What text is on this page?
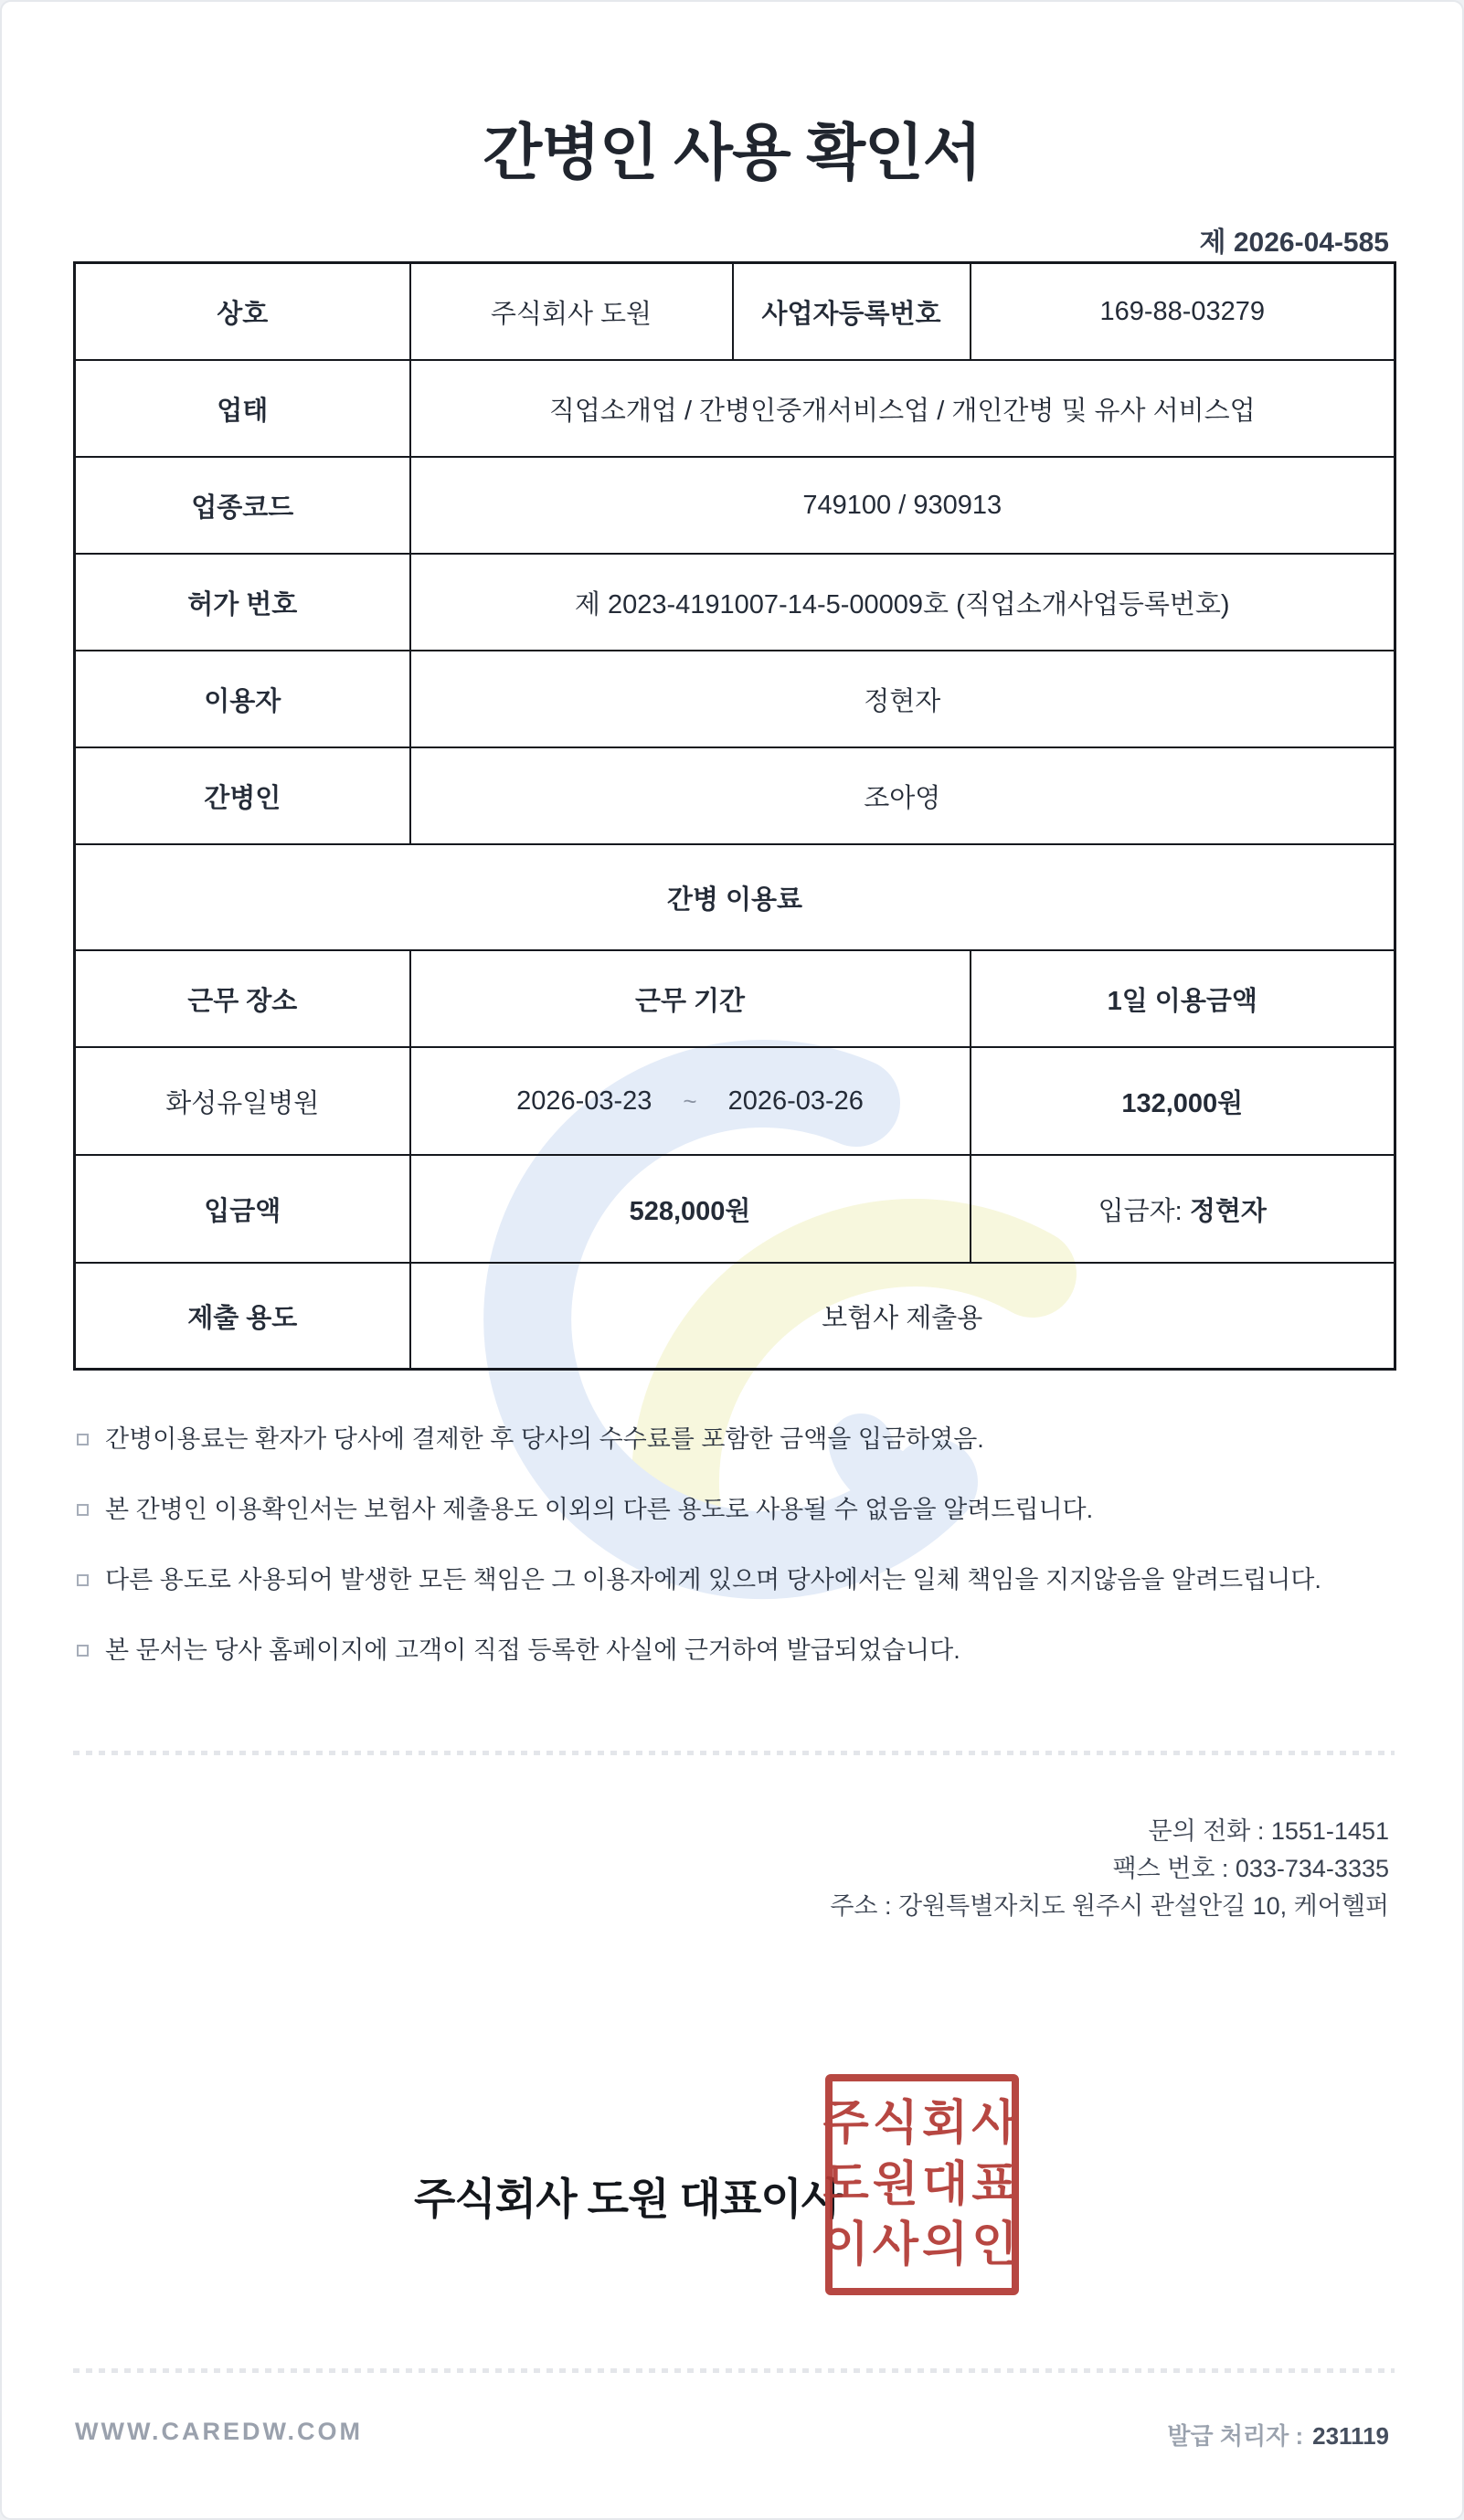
간병인 사용 확인서
제 2026-04-585
상호	주식회사 도원	사업자등록번호	169-88-03279
업태	직업소개업 / 간병인중개서비스업 / 개인간병 및 유사 서비스업		
업종코드	749100 / 930913		
허가 번호	제 2023-4191007-14-5-00009호 (직업소개사업등록번호)		
이용자	정현자		
간병인	조아영		
간병 이용료			
근무 장소	근무 기간		1일 이용금액
화성유일병원	2026-03-23 ~ 2026-03-26		132,000원
입금액	528,000원		입금자: 정현자
제출 용도	보험사 제출용		
간병이용료는 환자가 당사에 결제한 후 당사의 수수료를 포함한 금액을 입금하였음.
본 간병인 이용확인서는 보험사 제출용도 이외의 다른 용도로 사용될 수 없음을 알려드립니다.
다른 용도로 사용되어 발생한 모든 책임은 그 이용자에게 있으며 당사에서는 일체 책임을 지지않음을 알려드립니다.
본 문서는 당사 홈페이지에 고객이 직접 등록한 사실에 근거하여 발급되었습니다.
문의 전화 : 1551-1451
팩스 번호 : 033-734-3335
주소 : 강원특별자치도 원주시 관설안길 10, 케어헬퍼
주식회사 도원 대표이사
주식회사
도원대표
이사의인
WWW.CAREDW.COM	발급 처리자 : 231119
